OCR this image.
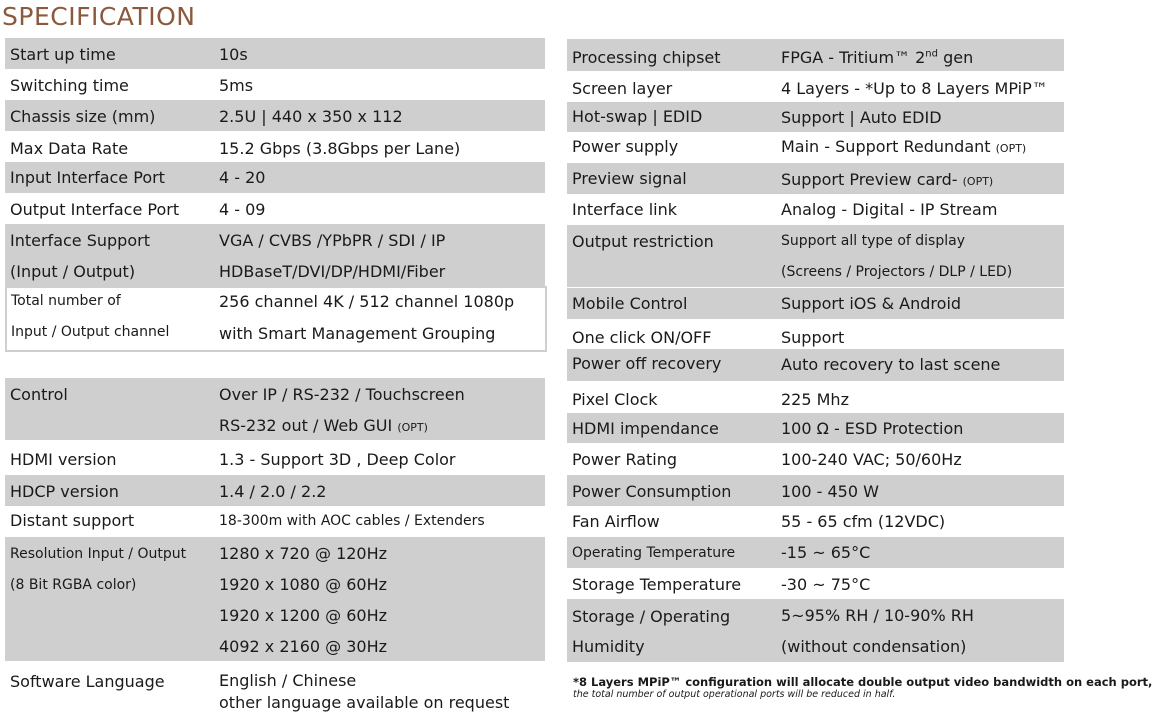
SPECIFICATION
Start up time	10s
Switching time	5ms
Chassis size (mm)	2.5U | 440 x 350 x 112
Max Data Rate	15.2 Gbps (3.8Gbps per Lane)
Input Interface Port	4 - 20
Output Interface Port 4 - 09
Interface Support	VGA / CVBS /YPbPR / SDI / IP
(Input / Output)	HDBaseT/DVI/DP/HDMI/Fiber
Total number of	256 channel 4K / 512 channel 1080p
Input / Output channel	with Smart Management Grouping
Control	Over IP / RS-232 / Touchscreen
RS-232 out / Web GUI (OPT)
HDMI version	1.3 - Support 3D , Deep Color
HDCP version	1.4 / 2.0 / 2.2
Distant support	18-300m with AOC cables / Extenders
Resolution Input / Output 1280 x 720 @ 120Hz
(8 Bit RGBA color)	1920 x 1080 @ 60Hz
1920 x 1200 @ 60Hz
4092 x 2160 @ 30Hz
Software Language	English / Chinese
other language available on request
Processing chipset	FPGA - Tritium™ 2nd gen
Screen layer	4 Layers - *Up to 8 Layers MPiP™
Hot-swap | EDID	Support | Auto EDID
Power supply	Main - Support Redundant (OPT)
Preview signal	Support Preview card- (OPT)
Interface link	Analog - Digital - IP Stream
Output restriction	Support all type of display
(Screens / Projectors / DLP / LED)
Mobile Control	Support iOS & Android
One click ON/OFF	Support
Power off recovery	Auto recovery to last scene
Pixel Clock	225 Mhz
HDMI impendance	100 Ω - ESD Protection
Power Rating	100-240 VAC; 50/60Hz
Power Consumption	100 - 450 W
Fan Airflow	55 - 65 cfm (12VDC)
Operating Temperature	-15 ~ 65°C
Storage Temperature -30 ~ 75°C
Storage / Operating	5~95% RH / 10-90% RH
Humidity	(without condensation)
*8 Layers MPiP™ configuration will allocate double output video bandwidth on each port,
the total number of output operational ports will be reduced in half.
